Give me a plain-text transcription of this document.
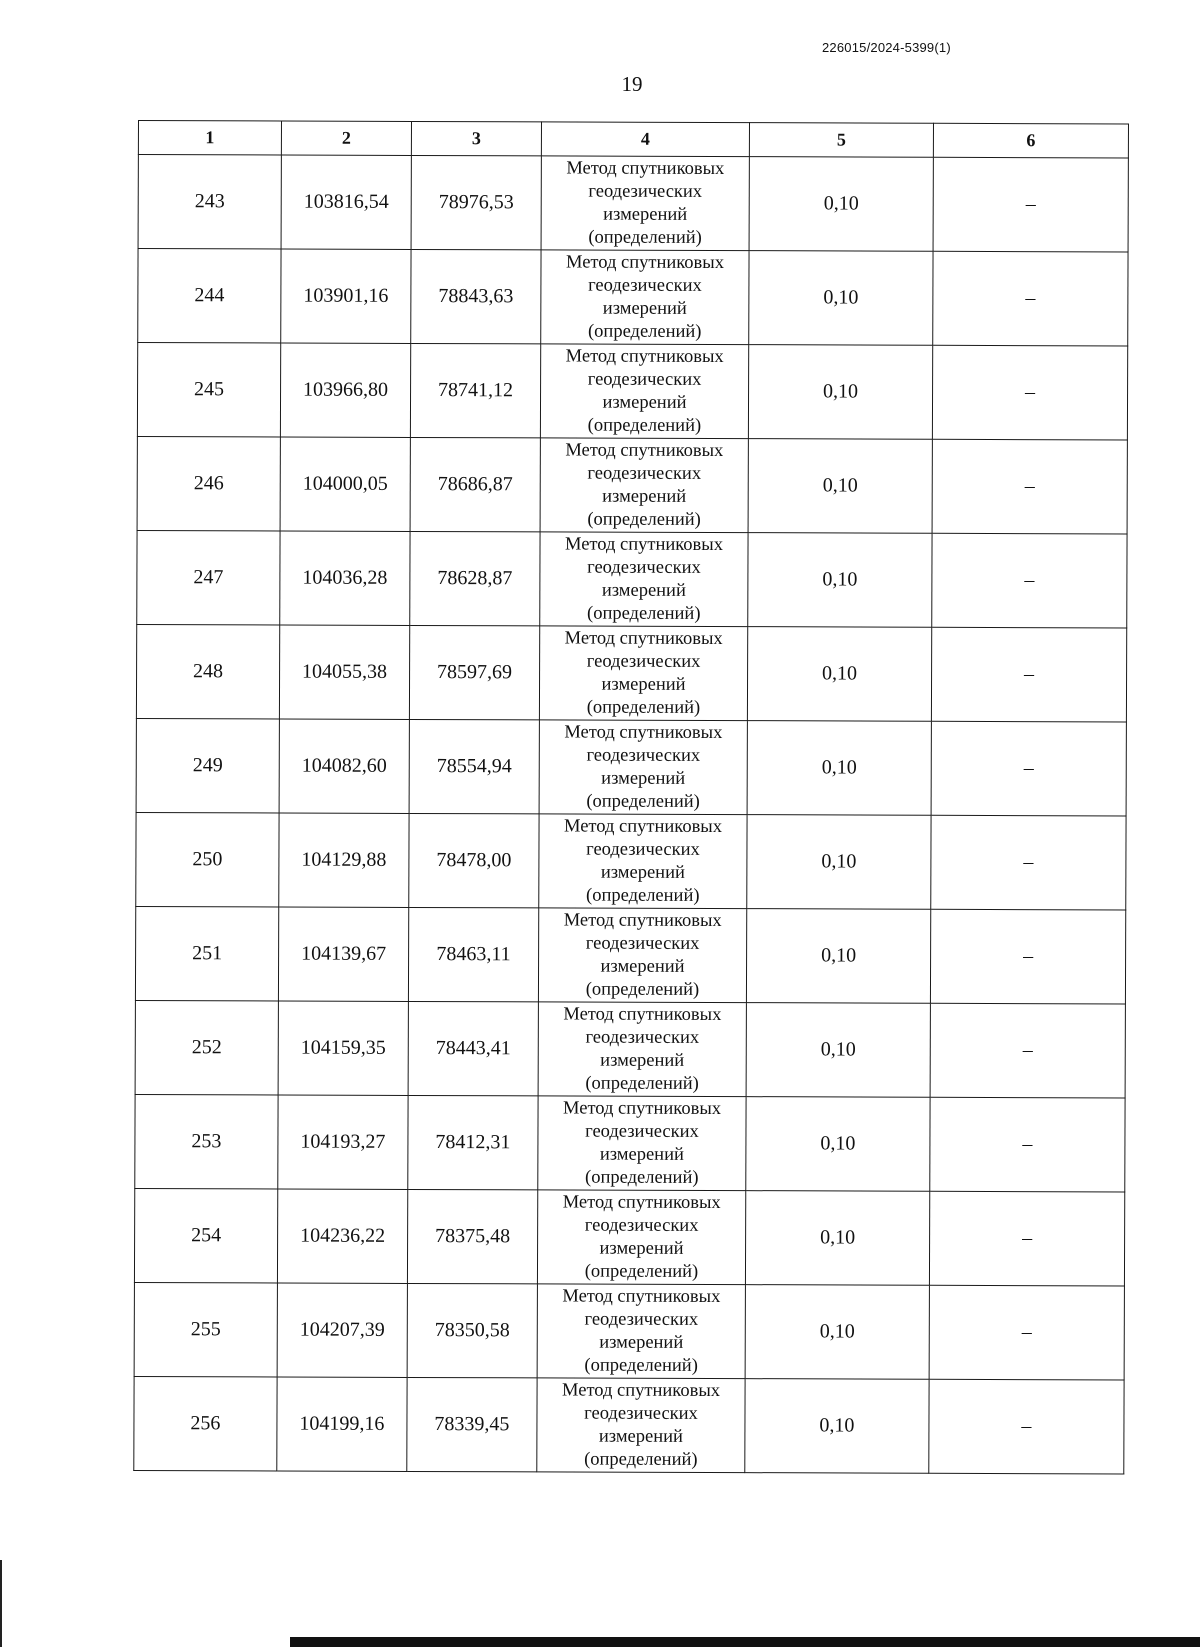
226015/2024-5399(1)
19
1	2	3	4	5	6
243	103816,54	78976,53	Метод спутниковых
геодезических
измерений
(определений)	0,10	–
244	103901,16	78843,63	Метод спутниковых
геодезических
измерений
(определений)	0,10	–
245	103966,80	78741,12	Метод спутниковых
геодезических
измерений
(определений)	0,10	–
246	104000,05	78686,87	Метод спутниковых
геодезических
измерений
(определений)	0,10	–
247	104036,28	78628,87	Метод спутниковых
геодезических
измерений
(определений)	0,10	–
248	104055,38	78597,69	Метод спутниковых
геодезических
измерений
(определений)	0,10	–
249	104082,60	78554,94	Метод спутниковых
геодезических
измерений
(определений)	0,10	–
250	104129,88	78478,00	Метод спутниковых
геодезических
измерений
(определений)	0,10	–
251	104139,67	78463,11	Метод спутниковых
геодезических
измерений
(определений)	0,10	–
252	104159,35	78443,41	Метод спутниковых
геодезических
измерений
(определений)	0,10	–
253	104193,27	78412,31	Метод спутниковых
геодезических
измерений
(определений)	0,10	–
254	104236,22	78375,48	Метод спутниковых
геодезических
измерений
(определений)	0,10	–
255	104207,39	78350,58	Метод спутниковых
геодезических
измерений
(определений)	0,10	–
256	104199,16	78339,45	Метод спутниковых
геодезических
измерений
(определений)	0,10	–
